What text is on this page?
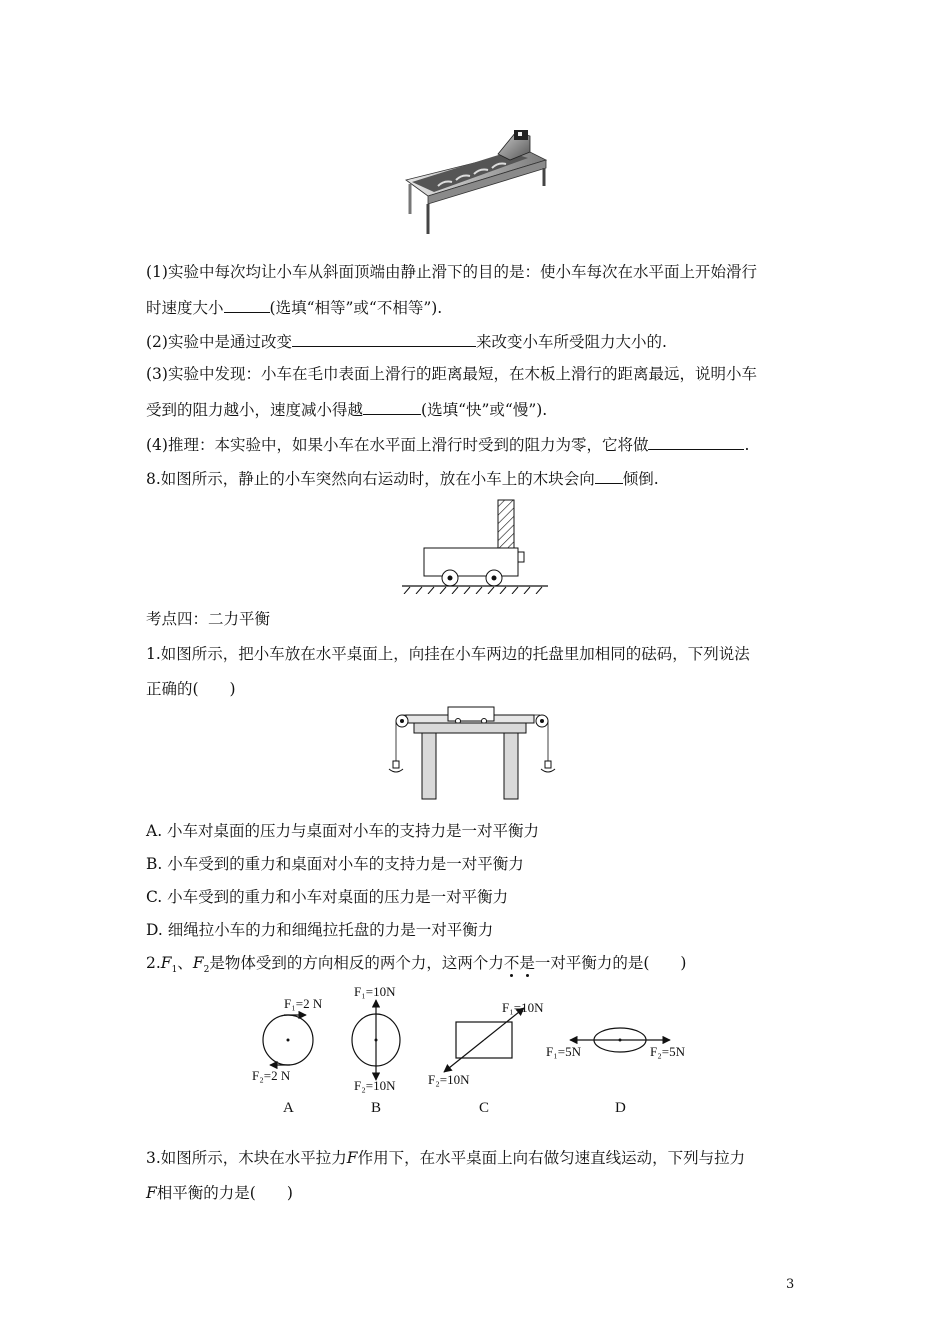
(1)实验中每次均让小车从斜面顶端由静止滑下的目的是：使小车每次在水平面上开始滑行
时速度大小	(选填“相等”或“不相等”).
(2)实验中是通过改变	来改变小车所受阻力大小的.
(3)实验中发现：小车在毛巾表面上滑行的距离最短，在木板上滑行的距离最远，说明小车
受到的阻力越小，速度减小得越	(选填“快”或“慢”).
(4)推理：本实验中，如果小车在水平面上滑行时受到的阻力为零，它将做	.
8.如图所示，静止的小车突然向右运动时，放在小车上的木块会向 倾倒.
考点四：二力平衡
1.如图所示，把小车放在水平桌面上，向挂在小车两边的托盘里加相同的砝码，下列说法
正确的(　　)
A. 小车对桌面的压力与桌面对小车的支持力是一对平衡力
B. 小车受到的重力和桌面对小车的支持力是一对平衡力
C. 小车受到的重力和小车对桌面的压力是一对平衡力
D. 细绳拉小车的力和细绳拉托盘的力是一对平衡力
$2.F_1$、$F_2$是物体受到的方向相反的两个力，这两个力不是一对平衡力的是(　　)
F₁=2 N
F₂=2 N
A
F₁=10N
F₂=10N
B
F₁=10N
F₂=10N
C
F₁=5N	F₂=5N
D
3.如图所示，木块在水平拉力F作用下，在水平桌面上向右做匀速直线运动，下列与拉力
F相平衡的力是(　　)
3
